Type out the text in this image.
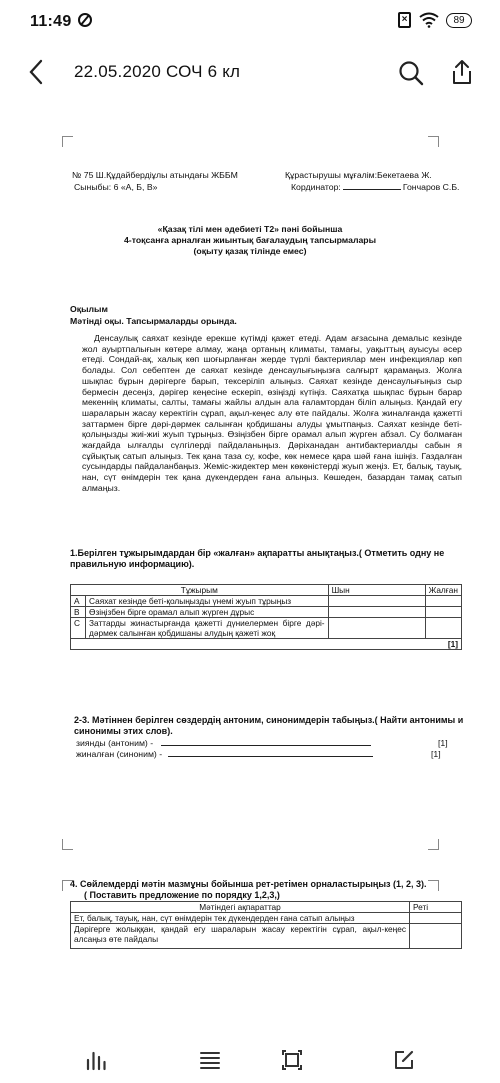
11:49	×	89
22.05.2020 СОЧ 6 кл
№ 75 Ш.Құдайбердіұлы атындағы ЖББМ
Сыныбы: 6 «А, Б, В»
Құрастырушы мұғалім:Бекетаева Ж.
Кординатор:	Гончаров С.Б.
«Қазақ тілі мен әдебиеті Т2» пәні бойынша
4-тоқсанға арналған жиынтық бағалаудың тапсырмалары
(оқыту қазақ тілінде емес)
Оқылым
Мәтінді оқы. Тапсырмаларды орында.
Денсаулық саяхат кезінде ерекше күтімді қажет етеді. Адам ағзасына демалыс кезінде жол ауыртпалығын көтере алмау, жаңа ортаның климаты, тамағы, уақыттың ауысуы әсер етеді. Сондай-ақ, халық көп шоғырланған жерде түрлі бактериялар мен инфекциялар көп болады. Сол себептен де саяхат кезінде денсаулығыңызға салғырт қарамаңыз. Жолға шықпас бұрын дәрігерге барып, тексеріліп алыңыз. Саяхат кезінде денсаулығыңыз сыр бермесін десеңіз, дәрігер кеңесіне ескеріп, өзіңізді күтіңіз. Саяхатқа шықпас бұрын барар мекеннің климаты, салты, тамағы жайлы алдын ала ғаламтордан біліп алыңыз. Қандай егу шараларын жасау керектігін сұрап, ақыл-кеңес алу өте пайдалы. Жолға жиналғанда қажетті заттармен бірге дәрі-дәрмек салынған қобдишаны алуды ұмытпаңыз. Саяхат кезінде беті-қолыңызды жиі-жиі жуып тұрыңыз. Өзіңізбен бірге орамал алып жүрген абзал. Су болмаған жағдайда ылғалды сүлгілерді пайдаланыңыз. Дәріханадан антибактериалды сабын я сұйықтық сатып алыңыз. Тек қана таза су, кофе, көк немесе қара шәй ғана ішіңіз. Газдалған сусындарды пайдаланбаңыз. Жеміс-жидектер мен көкөністерді жуып жеңіз. Ет, балық, тауық, нан, сүт өнімдерін тек қана дүкендерден ғана алыңыз. Көшеден, базардан тамақ сатып алмаңыз.
1.Берілген тұжырымдардан бір «жалған» ақпаратты анықтаңыз.( Отметить одну не правильную информацию).
Тұжырым		Шын	Жалған
А	Саяхат кезінде беті-қолыңызды үнемі жуып тұрыңыз		
В	Өзіңізбен бірге орамал алып жүрген дұрыс		
С	Заттарды жинастырғанда қажетті дүниелермен бірге дәрі-дәрмек салынған қобдишаны алудың қажеті жоқ		
[1]			
2-3. Мәтіннен берілген сөздердің антоним, синонимдерін табыңыз.( Найти антонимы и синонимы этих слов).
зиянды (антоним) -	[1]
жиналған (синоним) -	[1]
4. Сөйлемдерді мәтін мазмұны бойынша рет-ретімен орналастырыңыз (1, 2, 3).
( Поставить предложение по порядку 1,2,3,)
Мәтіндегі ақпараттар	Реті
Ет, балық, тауық, нан, сүт өнімдерін тек дүкендерден ғана сатып алыңыз	
Дәрігерге жолыққан, қандай егу шараларын жасау керектігін сұрап, ақыл-кеңес алсаңыз өте пайдалы	
